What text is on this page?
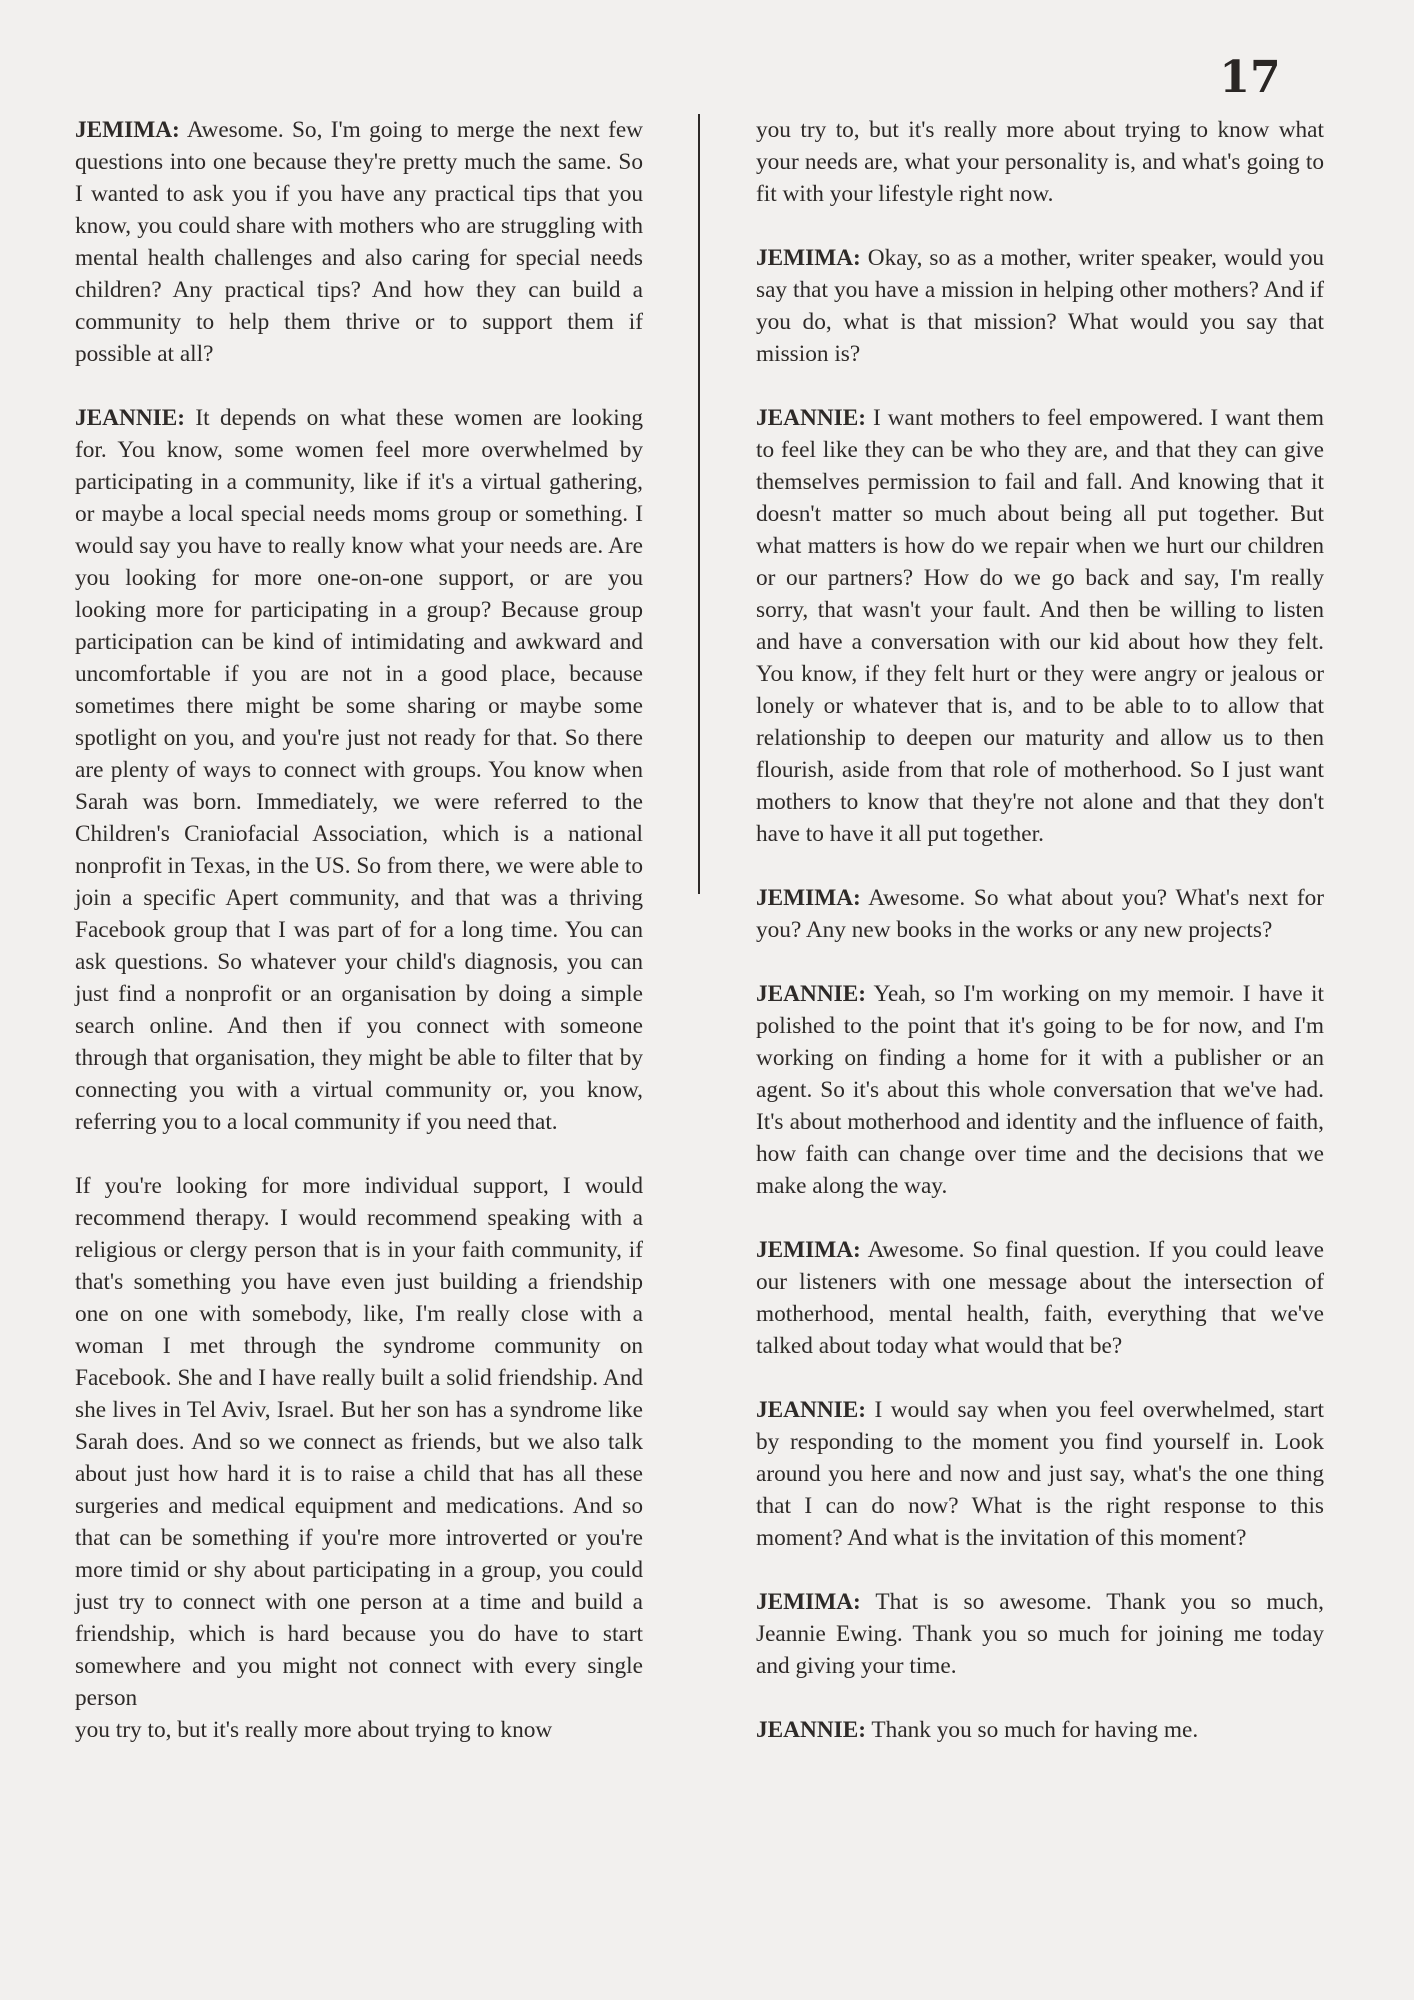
17

JEMIMA: Awesome. So, I'm going to merge the next few questions into one because they're pretty much the same. So I wanted to ask you if you have any practical tips that you know, you could share with mothers who are struggling with mental health challenges and also caring for special needs children? Any practical tips? And how they can build a community to help them thrive or to support them if possible at all?

JEANNIE: It depends on what these women are looking for. You know, some women feel more overwhelmed by participating in a community, like if it's a virtual gathering, or maybe a local special needs moms group or something. I would say you have to really know what your needs are. Are you looking for more one-on-one support, or are you looking more for participating in a group? Because group participation can be kind of intimidating and awkward and uncomfortable if you are not in a good place, because sometimes there might be some sharing or maybe some spotlight on you, and you're just not ready for that. So there are plenty of ways to connect with groups. You know when Sarah was born. Immediately, we were referred to the Children's Craniofacial Association, which is a national nonprofit in Texas, in the US. So from there, we were able to join a specific Apert community, and that was a thriving Facebook group that I was part of for a long time. You can ask questions. So whatever your child's diagnosis, you can just find a nonprofit or an organisation by doing a simple search online. And then if you connect with someone through that organisation, they might be able to filter that by connecting you with a virtual community or, you know, referring you to a local community if you need that.

If you're looking for more individual support, I would recommend therapy. I would recommend speaking with a religious or clergy person that is in your faith community, if that's something you have even just building a friendship one on one with somebody, like, I'm really close with a woman I met through the syndrome community on Facebook. She and I have really built a solid friendship. And she lives in Tel Aviv, Israel. But her son has a syndrome like Sarah does. And so we connect as friends, but we also talk about just how hard it is to raise a child that has all these surgeries and medical equipment and medications. And so that can be something if you're more introverted or you're more timid or shy about participating in a group, you could just try to connect with one person at a time and build a friendship, which is hard because you do have to start somewhere and you might not connect with every single person
you try to, but it's really more about trying to know

you try to, but it's really more about trying to know what your needs are, what your personality is, and what's going to fit with your lifestyle right now.

JEMIMA: Okay, so as a mother, writer speaker, would you say that you have a mission in helping other mothers? And if you do, what is that mission? What would you say that mission is?

JEANNIE: I want mothers to feel empowered. I want them to feel like they can be who they are, and that they can give themselves permission to fail and fall. And knowing that it doesn't matter so much about being all put together. But what matters is how do we repair when we hurt our children or our partners? How do we go back and say, I'm really sorry, that wasn't your fault. And then be willing to listen and have a conversation with our kid about how they felt. You know, if they felt hurt or they were angry or jealous or lonely or whatever that is, and to be able to to allow that relationship to deepen our maturity and allow us to then flourish, aside from that role of motherhood. So I just want mothers to know that they're not alone and that they don't have to have it all put together.

JEMIMA: Awesome. So what about you? What's next for you? Any new books in the works or any new projects?

JEANNIE: Yeah, so I'm working on my memoir. I have it polished to the point that it's going to be for now, and I'm working on finding a home for it with a publisher or an agent. So it's about this whole conversation that we've had. It's about motherhood and identity and the influence of faith, how faith can change over time and the decisions that we make along the way.

JEMIMA: Awesome. So final question. If you could leave our listeners with one message about the intersection of motherhood, mental health, faith, everything that we've talked about today what would that be?

JEANNIE: I would say when you feel overwhelmed, start by responding to the moment you find yourself in. Look around you here and now and just say, what's the one thing that I can do now? What is the right response to this moment? And what is the invitation of this moment?

JEMIMA: That is so awesome. Thank you so much, Jeannie Ewing. Thank you so much for joining me today and giving your time.

JEANNIE: Thank you so much for having me.
